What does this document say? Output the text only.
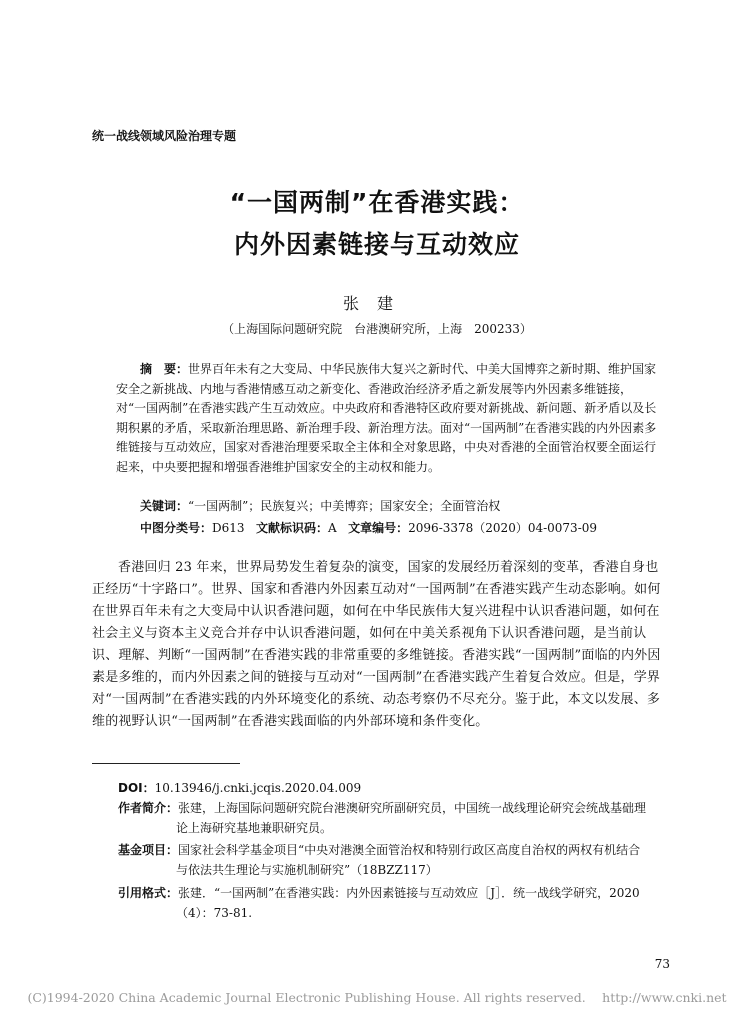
统一战线领域风险治理专题
“一国两制”在香港实践：
内外因素链接与互动效应
张建
（上海国际问题研究院　台港澳研究所，上海　200233）
摘　要：世界百年未有之大变局、中华民族伟大复兴之新时代、中美大国博弈之新时期、维护国家安全之新挑战、内地与香港情感互动之新变化、香港政治经济矛盾之新发展等内外因素多维链接，对“一国两制”在香港实践产生互动效应。中央政府和香港特区政府要对新挑战、新问题、新矛盾以及长期积累的矛盾，采取新治理思路、新治理手段、新治理方法。面对“一国两制”在香港实践的内外因素多维链接与互动效应，国家对香港治理要采取全主体和全对象思路，中央对香港的全面管治权要全面运行起来，中央要把握和增强香港维护国家安全的主动权和能力。
关键词：“一国两制”；民族复兴；中美博弈；国家安全；全面管治权
中图分类号：D613 文献标识码：A 文章编号：2096-3378（2020）04-0073-09
香港回归 23 年来，世界局势发生着复杂的演变，国家的发展经历着深刻的变革，香港自身也正经历“十字路口”。世界、国家和香港内外因素互动对“一国两制”在香港实践产生动态影响。如何在世界百年未有之大变局中认识香港问题，如何在中华民族伟大复兴进程中认识香港问题，如何在社会主义与资本主义竞合并存中认识香港问题，如何在中美关系视角下认识香港问题，是当前认识、理解、判断“一国两制”在香港实践的非常重要的多维链接。香港实践“一国两制”面临的内外因素是多维的，而内外因素之间的链接与互动对“一国两制”在香港实践产生着复合效应。但是，学界对“一国两制”在香港实践的内外环境变化的系统、动态考察仍不尽充分。鉴于此，本文以发展、多维的视野认识“一国两制”在香港实践面临的内外部环境和条件变化。
DOI：10.13946/j.cnki.jcqis.2020.04.009
作者简介：张建，上海国际问题研究院台港澳研究所副研究员，中国统一战线理论研究会统战基础理
论上海研究基地兼职研究员。
基金项目：国家社会科学基金项目“中央对港澳全面管治权和特别行政区高度自治权的两权有机结合
与依法共生理论与实施机制研究”（18BZZ117）
引用格式：张建．“一国两制”在香港实践：内外因素链接与互动效应［J］．统一战线学研究，2020
（4）：73-81.
73
(C)1994-2020 China Academic Journal Electronic Publishing House. All rights reserved.　 http://www.cnki.net
